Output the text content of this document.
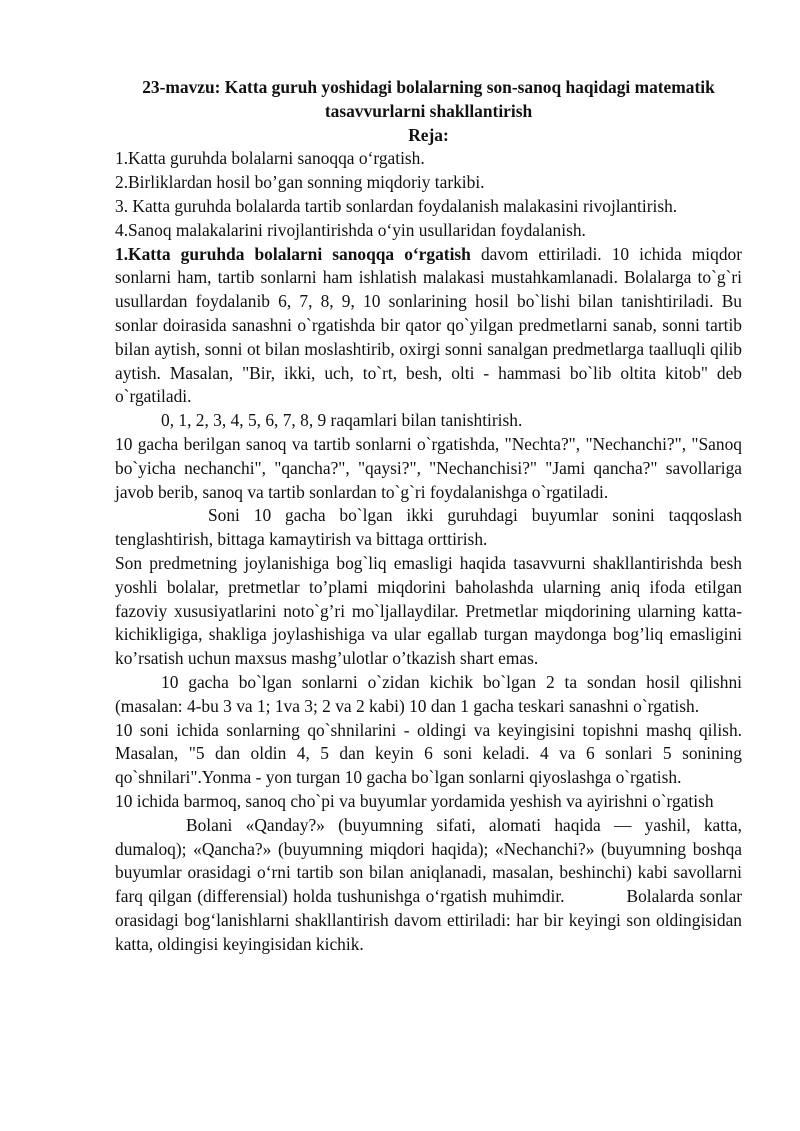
23-mavzu: Katta guruh yoshidagi bolalarning son-sanoq haqidagi matematik
tasavvurlarni shakllantirish

Reja:

1.Katta guruhda bolalarni sanoqqa o‘rgatish.

2.Birliklardan hosil bo’gan sonning miqdoriy tarkibi.

3. Katta guruhda bolalarda tartib sonlardan foydalanish malakasini rivojlantirish.

4.Sanoq malakalarini rivojlantirishda o‘yin usullaridan foydalanish.

1.Katta guruhda bolalarni sanoqqa o‘rgatish davom ettiriladi. 10 ichida miqdor sonlarni ham, tartib sonlarni ham ishlatish malakasi mustahkamlanadi. Bolalarga to`g`ri usullardan foydalanib 6, 7, 8, 9, 10 sonlarining hosil bo`lishi bilan tanishtiriladi. Bu sonlar doirasida sanashni o`rgatishda bir qator qo`yilgan predmetlarni sanab, sonni tartib bilan aytish, sonni ot bilan moslashtirib, oxirgi sonni sanalgan predmetlarga taalluqli qilib aytish. Masalan, "Bir, ikki, uch, to`rt, besh, olti - hammasi bo`lib oltita kitob" deb o`rgatiladi.

0, 1, 2, 3, 4, 5, 6, 7, 8, 9 raqamlari bilan tanishtirish.

10 gacha berilgan sanoq va tartib sonlarni o`rgatishda, "Nechta?", "Nechanchi?", "Sanoq bo`yicha nechanchi", "qancha?", "qaysi?", "Nechanchisi?" "Jami qancha?" savollariga javob berib, sanoq va tartib sonlardan to`g`ri foydalanishga o`rgatiladi.

Soni 10 gacha bo`lgan ikki guruhdagi buyumlar sonini taqqoslash tenglashtirish, bittaga kamaytirish va bittaga orttirish.

Son predmetning joylanishiga bog`liq emasligi haqida tasavvurni shakllantirishda besh yoshli bolalar, pretmetlar to’plami miqdorini baholashda ularning aniq ifoda etilgan fazoviy xususiyatlarini noto`g’ri mo`ljallaydilar. Pretmetlar miqdorining ularning katta-kichikligiga, shakliga joylashishiga va ular egallab turgan maydonga bog’liq emasligini ko’rsatish uchun maxsus mashg’ulotlar o’tkazish shart emas.

10 gacha bo`lgan sonlarni o`zidan kichik bo`lgan 2 ta sondan hosil qilishni (masalan: 4-bu 3 va 1; 1va 3; 2 va 2 kabi) 10 dan 1 gacha teskari sanashni o`rgatish.

10 soni ichida sonlarning qo`shnilarini - oldingi va keyingisini topishni mashq qilish. Masalan, "5 dan oldin 4, 5 dan keyin 6 soni keladi. 4 va 6 sonlari 5 sonining qo`shnilari".Yonma - yon turgan 10 gacha bo`lgan sonlarni qiyoslashga o`rgatish.

10 ichida barmoq, sanoq cho`pi va buyumlar yordamida yeshish va ayirishni o`rgatish

Bolani «Qanday?» (buyumning sifati, alomati haqida — yashil, katta, dumaloq); «Qancha?» (buyumning miqdori haqida); «Nechanchi?» (buyumning boshqa buyumlar orasidagi o‘rni tartib son bilan aniqlanadi, masalan, beshinchi) kabi savollarni farq qilgan (differensial) holda tushunishga o‘rgatish muhimdir.	Bolalarda sonlar orasidagi bog‘lanishlarni shakllantirish davom ettiriladi: har bir keyingi son oldingisidan katta, oldingisi keyingisidan kichik.
